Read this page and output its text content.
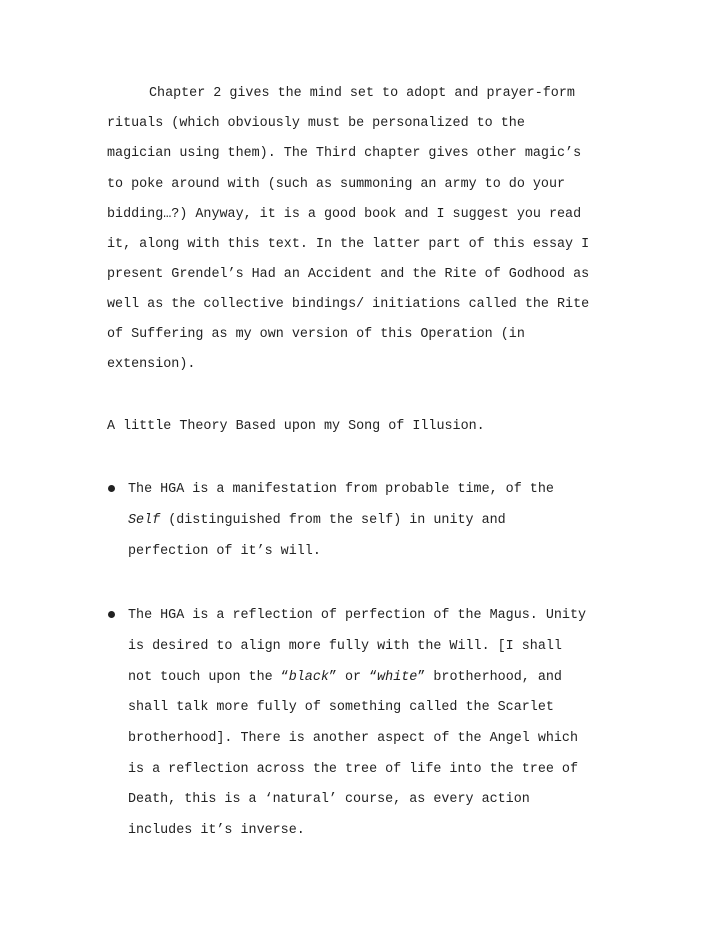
Chapter 2 gives the mind set to adopt and prayer-form
rituals (which obviously must be personalized to the
magician using them). The Third chapter gives other magic’s
to poke around with (such as summoning an army to do your
bidding…?) Anyway, it is a good book and I suggest you read
it, along with this text. In the latter part of this essay I
present Grendel’s Had an Accident and the Rite of Godhood as
well as the collective bindings/ initiations called the Rite
of Suffering as my own version of this Operation (in
extension).
A little Theory Based upon my Song of Illusion.
The HGA is a manifestation from probable time, of the
Self (distinguished from the self) in unity and
perfection of it’s will.
The HGA is a reflection of perfection of the Magus. Unity
is desired to align more fully with the Will. [I shall
not touch upon the “black” or “white” brotherhood, and
shall talk more fully of something called the Scarlet
brotherhood]. There is another aspect of the Angel which
is a reflection across the tree of life into the tree of
Death, this is a ‘natural’ course, as every action
includes it’s inverse.
